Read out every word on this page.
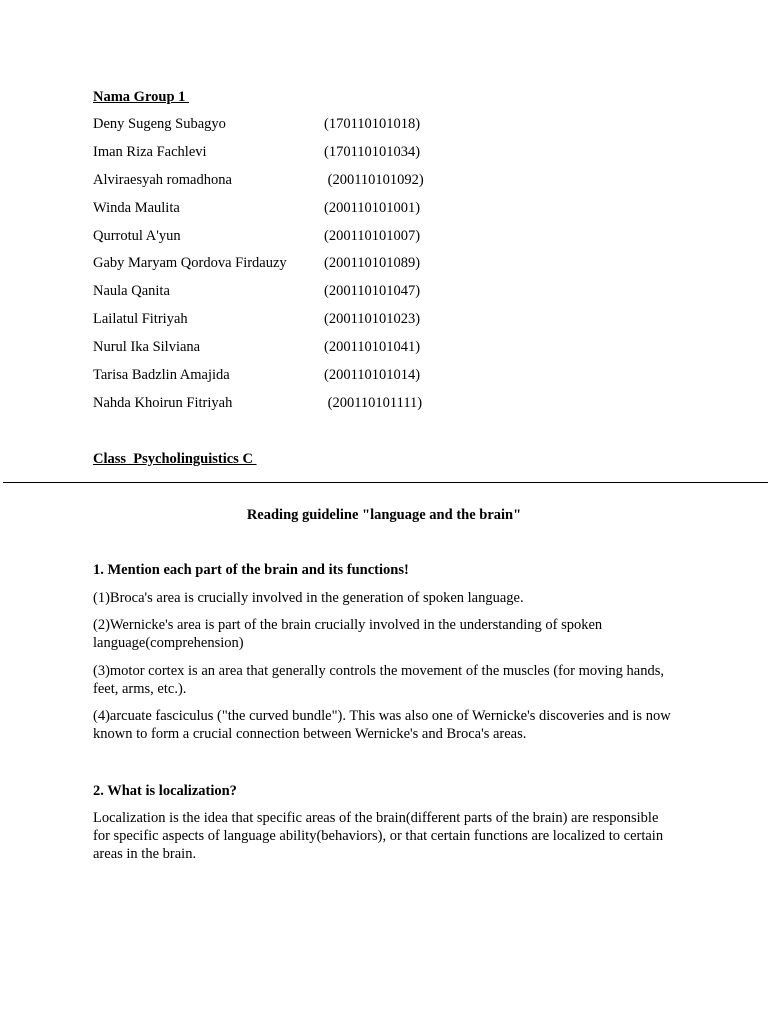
Nama Group 1

Deny Sugeng Subagyo	(170110101018)
Iman Riza Fachlevi	(170110101034)
Alviraesyah romadhona	(200110101092)
Winda Maulita	(200110101001)
Qurrotul A'yun	(200110101007)
Gaby Maryam Qordova Firdauzy	(200110101089)
Naula Qanita	(200110101047)
Lailatul Fitriyah	(200110101023)
Nurul Ika Silviana	(200110101041)
Tarisa Badzlin Amajida	(200110101014)
Nahda Khoirun Fitriyah	(200110101111)

Class  Psycholinguistics C

Reading guideline "language and the brain"

1. Mention each part of the brain and its functions!

(1)Broca's area is crucially involved in the generation of spoken language.

(2)Wernicke's area is part of the brain crucially involved in the understanding of spoken language(comprehension)

(3)motor cortex is an area that generally controls the movement of the muscles (for moving hands, feet, arms, etc.).

(4)arcuate fasciculus ("the curved bundle"). This was also one of Wernicke's discoveries and is now known to form a crucial connection between Wernicke's and Broca's areas.

2. What is localization?

Localization is the idea that specific areas of the brain(different parts of the brain) are responsible for specific aspects of language ability(behaviors), or that certain functions are localized to certain areas in the brain.
